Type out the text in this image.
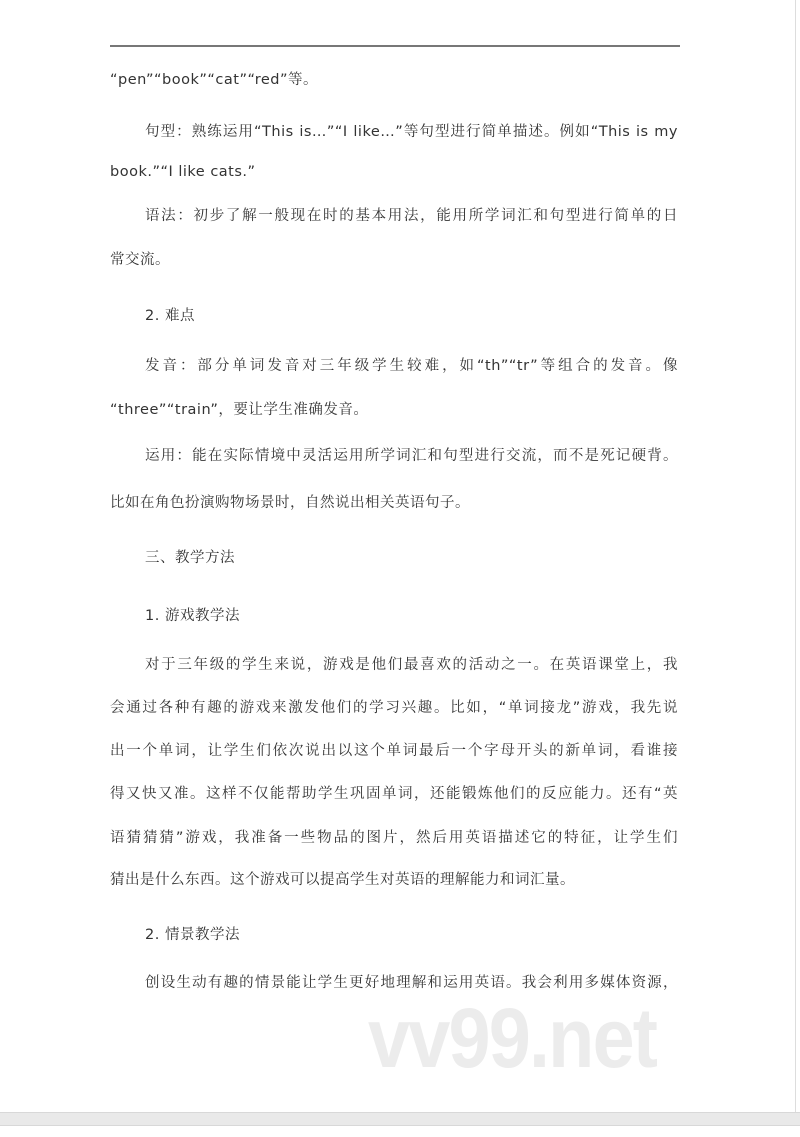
“pen”“book”“cat”“red”等。
句型：熟练运用“This is…”“I like…”等句型进行简单描述。例如“This is my
book.”“I like cats.”
语法：初步了解一般现在时的基本用法，能用所学词汇和句型进行简单的日
常交流。
2. 难点
发音：部分单词发音对三年级学生较难，如“th”“tr”等组合的发音。像
“three”“train”，要让学生准确发音。
运用：能在实际情境中灵活运用所学词汇和句型进行交流，而不是死记硬背。
比如在角色扮演购物场景时，自然说出相关英语句子。
三、教学方法
1. 游戏教学法
对于三年级的学生来说，游戏是他们最喜欢的活动之一。在英语课堂上，我
会通过各种有趣的游戏来激发他们的学习兴趣。比如，“单词接龙”游戏，我先说
出一个单词，让学生们依次说出以这个单词最后一个字母开头的新单词，看谁接
得又快又准。这样不仅能帮助学生巩固单词，还能锻炼他们的反应能力。还有“英
语猜猜猜”游戏，我准备一些物品的图片，然后用英语描述它的特征，让学生们
猜出是什么东西。这个游戏可以提高学生对英语的理解能力和词汇量。
2. 情景教学法
创设生动有趣的情景能让学生更好地理解和运用英语。我会利用多媒体资源，
vv99.net
